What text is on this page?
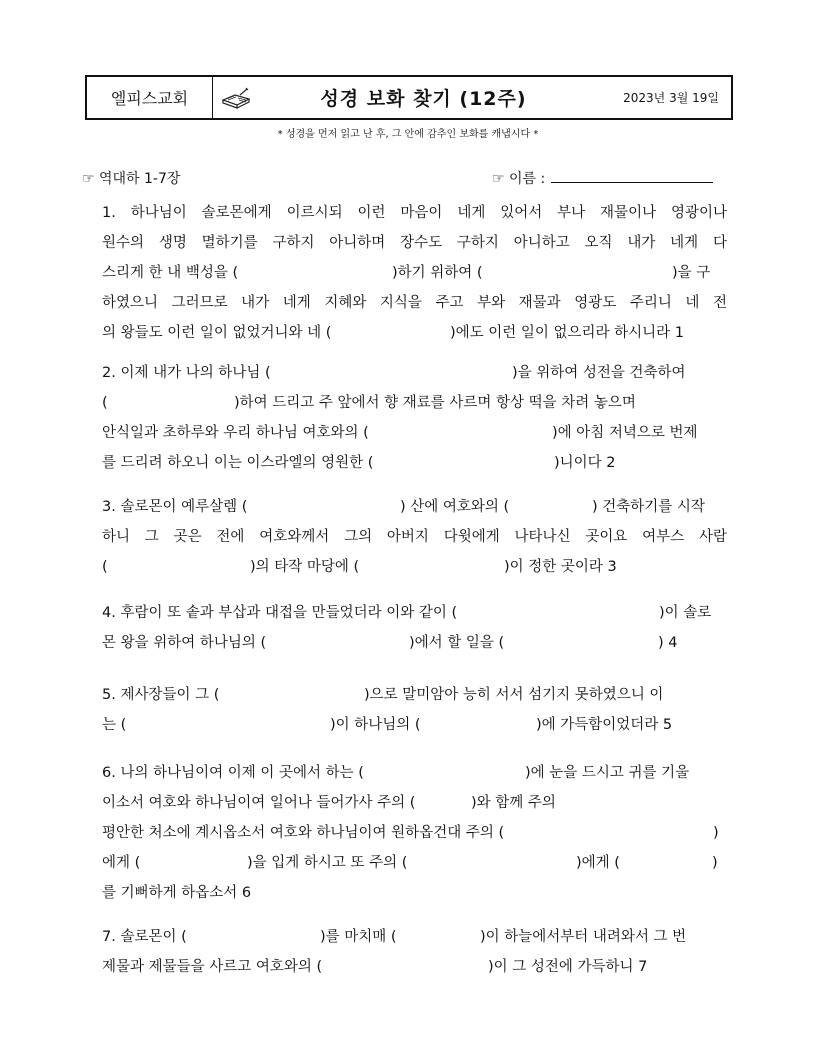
엘피스교회	성경 보화 찾기 (12주)	2023년 3월 19일
* 성경을 먼저 읽고 난 후, 그 안에 감추인 보화를 캐냅시다 *
☞ 역대하 1-7장	☞ 이름 :
1. 하나님이 솔로몬에게 이르시되 이런 마음이 네게 있어서 부나 재물이나 영광이나
원수의 생명 멸하기를 구하지 아니하며 장수도 구하지 아니하고 오직 내가 네게 다
스리게 한 내 백성을 (	)하기 위하여 (	)을 구
하였으니 그러므로 내가 네게 지혜와 지식을 주고 부와 재물과 영광도 주리니 네 전
의 왕들도 이런 일이 없었거니와 네 (	)에도 이런 일이 없으리라 하시니라 1
2. 이제 내가 나의 하나님 (	)을 위하여 성전을 건축하여
(	)하여 드리고 주 앞에서 향 재료를 사르며 항상 떡을 차려 놓으며
안식일과 초하루와 우리 하나님 여호와의 (	)에 아침 저녁으로 번제
를 드리려 하오니 이는 이스라엘의 영원한 (	)니이다 2
3. 솔로몬이 예루살렘 (	) 산에 여호와의 (	) 건축하기를 시작
하니 그 곳은 전에 여호와께서 그의 아버지 다윗에게 나타나신 곳이요 여부스 사람
(	)의 타작 마당에 (	)이 정한 곳이라 3
4. 후람이 또 솥과 부삽과 대접을 만들었더라 이와 같이 (	)이 솔로
몬 왕을 위하여 하나님의 (	)에서 할 일을 (	) 4
5. 제사장들이 그 (	)으로 말미암아 능히 서서 섬기지 못하였으니 이
는 (	)이 하나님의 (	)에 가득함이었더라 5
6. 나의 하나님이여 이제 이 곳에서 하는 (	)에 눈을 드시고 귀를 기울
이소서 여호와 하나님이여 일어나 들어가사 주의 (	)와 함께 주의
평안한 처소에 계시옵소서 여호와 하나님이여 원하옵건대 주의 (	)
에게 (	)을 입게 하시고 또 주의 (	)에게 (	)
를 기뻐하게 하옵소서 6
7. 솔로몬이 (	)를 마치매 (	)이 하늘에서부터 내려와서 그 번
제물과 제물들을 사르고 여호와의 (	)이 그 성전에 가득하니 7
